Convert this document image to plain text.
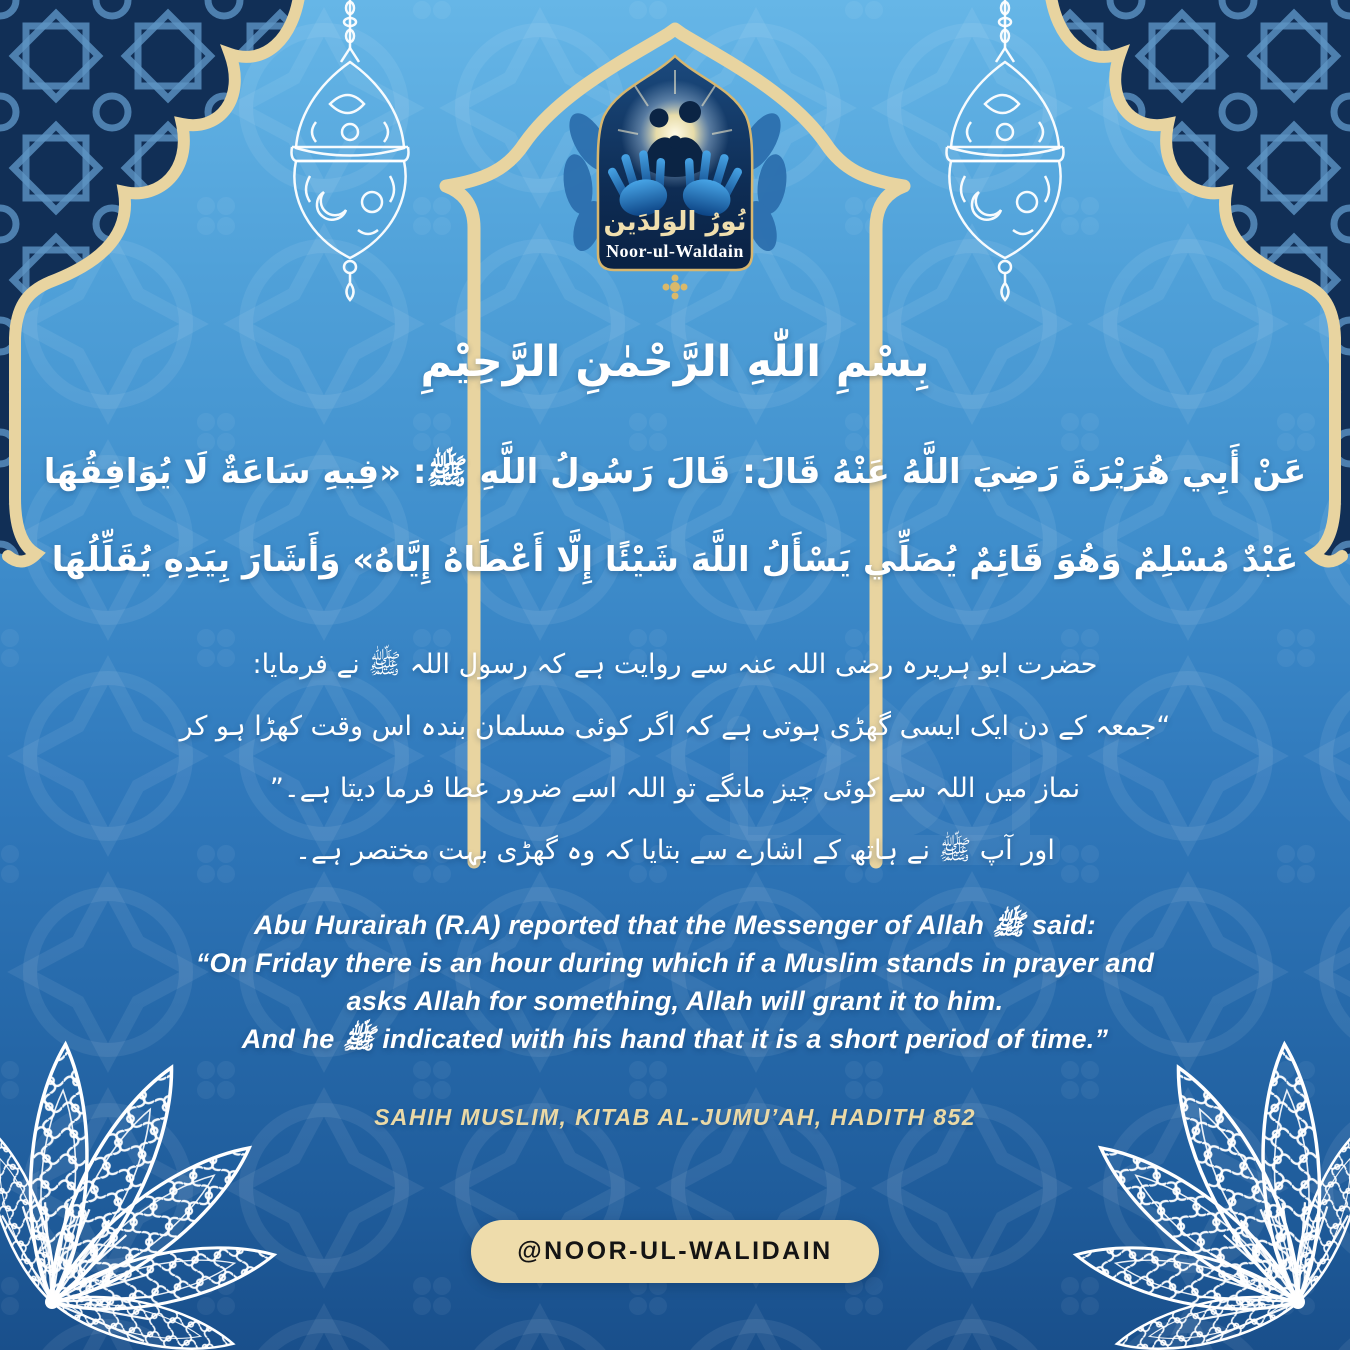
نُورُ الوَلدَين
Noor-ul-Waldain
بِسْمِ اللّٰهِ الرَّحْمٰنِ الرَّحِيْمِ
عَنْ أَبِي هُرَيْرَةَ رَضِيَ اللَّهُ عَنْهُ قَالَ: قَالَ رَسُولُ اللَّهِ ﷺ: «فِيهِ سَاعَةٌ لَا يُوَافِقُهَا
عَبْدٌ مُسْلِمٌ وَهُوَ قَائِمٌ يُصَلِّي يَسْأَلُ اللَّهَ شَيْئًا إِلَّا أَعْطَاهُ إِيَّاهُ» وَأَشَارَ بِيَدِهِ يُقَلِّلُهَا
حضرت ابو ہریرہ رضی اللہ عنہ سے روایت ہے کہ رسول اللہ ﷺ نے فرمایا:
“جمعہ کے دن ایک ایسی گھڑی ہوتی ہے کہ اگر کوئی مسلمان بندہ اس وقت کھڑا ہو کر
نماز میں اللہ سے کوئی چیز مانگے تو اللہ اسے ضرور عطا فرما دیتا ہے۔”
اور آپ ﷺ نے ہاتھ کے اشارے سے بتایا کہ وہ گھڑی بہت مختصر ہے۔
Abu Hurairah (R.A) reported that the Messenger of Allah ﷺ said:
“On Friday there is an hour during which if a Muslim stands in prayer and
asks Allah for something, Allah will grant it to him.
And he ﷺ indicated with his hand that it is a short period of time.”
SAHIH MUSLIM, KITAB AL-JUMU’AH, HADITH 852
@NOOR-UL-WALIDAIN
